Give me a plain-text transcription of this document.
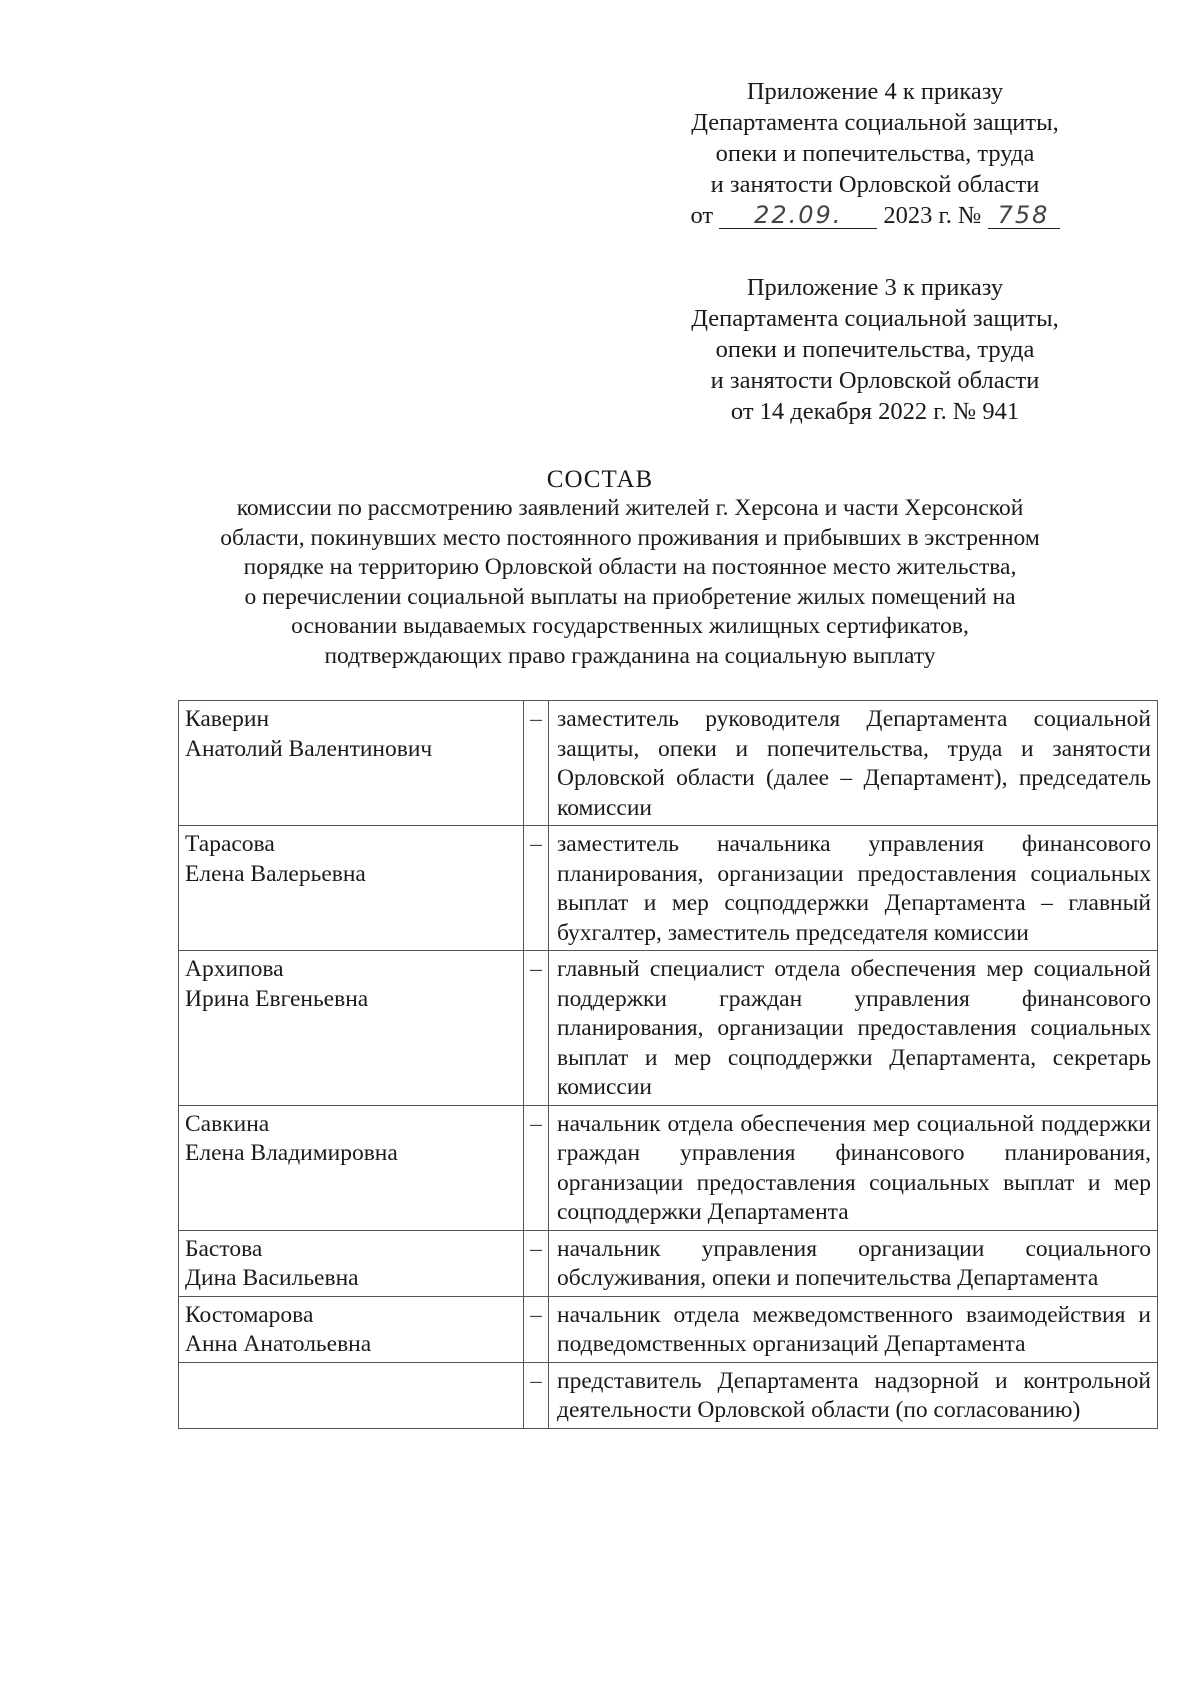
Приложение 4 к приказу
Департамента социальной защиты,
опеки и попечительства, труда
и занятости Орловской области
от 22.09. 2023 г. № 758
Приложение 3 к приказу
Департамента социальной защиты,
опеки и попечительства, труда
и занятости Орловской области
от 14 декабря 2022 г. № 941
СОСТАВ
комиссии по рассмотрению заявлений жителей г. Херсона и части Херсонской
области, покинувших место постоянного проживания и прибывших в экстренном
порядке на территорию Орловской области на постоянное место жительства,
о перечислении социальной выплаты на приобретение жилых помещений на
основании выдаваемых государственных жилищных сертификатов,
подтверждающих право гражданина на социальную выплату
Каверин
Анатолий Валентинович	–	заместитель руководителя Департамента социальной защиты, опеки и попечительства, труда и занятости Орловской области (далее – Департамент), председатель комиссии

Тарасова
Елена Валерьевна	–	заместитель начальника управления финансового планирования, организации предоставления социальных выплат и мер соцподдержки Департамента – главный бухгалтер, заместитель председателя комиссии

Архипова
Ирина Евгеньевна	–	главный специалист отдела обеспечения мер социальной поддержки граждан управления финансового планирования, организации предоставления социальных выплат и мер соцподдержки Департамента, секретарь комиссии

Савкина
Елена Владимировна	–	начальник отдела обеспечения мер социальной поддержки граждан управления финансового планирования, организации предоставления социальных выплат и мер соцподдержки Департамента

Бастова
Дина Васильевна	–	начальник управления организации социального обслуживания, опеки и попечительства Департамента

Костомарова
Анна Анатольевна	–	начальник отдела межведомственного взаимодействия и подведомственных организаций Департамента

	–	представитель Департамента надзорной и контрольной деятельности Орловской области (по согласованию)
